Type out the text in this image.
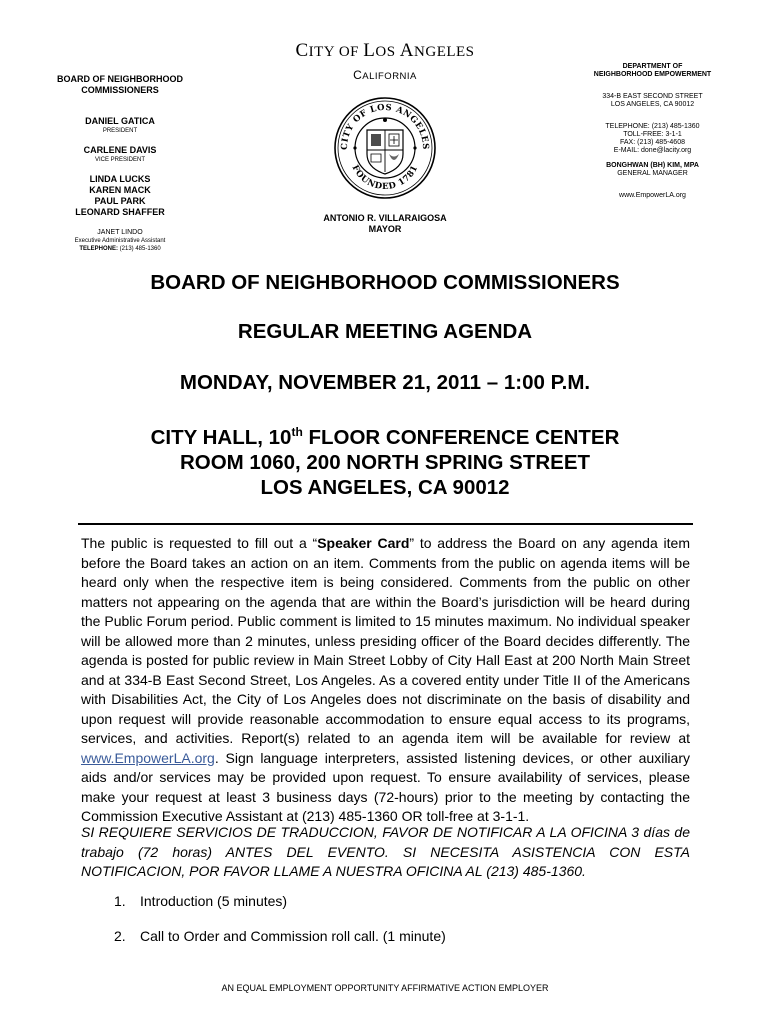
CITY OF LOS ANGELES
CALIFORNIA
BOARD OF NEIGHBORHOOD
COMMISSIONERS
DANIEL GATICA
PRESIDENT
CARLENE DAVIS
VICE PRESIDENT
LINDA LUCKS
KAREN MACK
PAUL PARK
LEONARD SHAFFER
JANET LINDO
Executive Administrative Assistant
TELEPHONE: (213) 485-1360
DEPARTMENT OF
NEIGHBORHOOD EMPOWERMENT
334-B EAST SECOND STREET
LOS ANGELES, CA 90012
TELEPHONE: (213) 485-1360
TOLL-FREE: 3-1-1
FAX: (213) 485-4608
E-MAIL: done@lacity.org
BONGHWAN (BH) KIM, MPA
GENERAL MANAGER
www.EmpowerLA.org
CITY OF LOS ANGELES
FOUNDED 1781
ANTONIO R. VILLARAIGOSA
MAYOR
BOARD OF NEIGHBORHOOD COMMISSIONERS
REGULAR MEETING AGENDA
MONDAY, NOVEMBER 21, 2011 – 1:00 P.M.
CITY HALL, 10th FLOOR CONFERENCE CENTER
ROOM 1060, 200 NORTH SPRING STREET
LOS ANGELES, CA 90012
The public is requested to fill out a “Speaker Card” to address the Board on any agenda item before the Board takes an action on an item. Comments from the public on agenda items will be heard only when the respective item is being considered. Comments from the public on other matters not appearing on the agenda that are within the Board’s jurisdiction will be heard during the Public Forum period. Public comment is limited to 15 minutes maximum. No individual speaker will be allowed more than 2 minutes, unless presiding officer of the Board decides differently. The agenda is posted for public review in Main Street Lobby of City Hall East at 200 North Main Street and at 334-B East Second Street, Los Angeles. As a covered entity under Title II of the Americans with Disabilities Act, the City of Los Angeles does not discriminate on the basis of disability and upon request will provide reasonable accommodation to ensure equal access to its programs, services, and activities. Report(s) related to an agenda item will be available for review at www.EmpowerLA.org. Sign language interpreters, assisted listening devices, or other auxiliary aids and/or services may be provided upon request. To ensure availability of services, please make your request at least 3 business days (72-hours) prior to the meeting by contacting the Commission Executive Assistant at (213) 485-1360 OR toll-free at 3-1-1.
SI REQUIERE SERVICIOS DE TRADUCCION, FAVOR DE NOTIFICAR A LA OFICINA 3 días de trabajo (72 horas) ANTES DEL EVENTO. SI NECESITA ASISTENCIA CON ESTA NOTIFICACION, POR FAVOR LLAME A NUESTRA OFICINA AL (213) 485-1360.
1.	Introduction (5 minutes)
2.	Call to Order and Commission roll call. (1 minute)
AN EQUAL EMPLOYMENT OPPORTUNITY AFFIRMATIVE ACTION EMPLOYER
